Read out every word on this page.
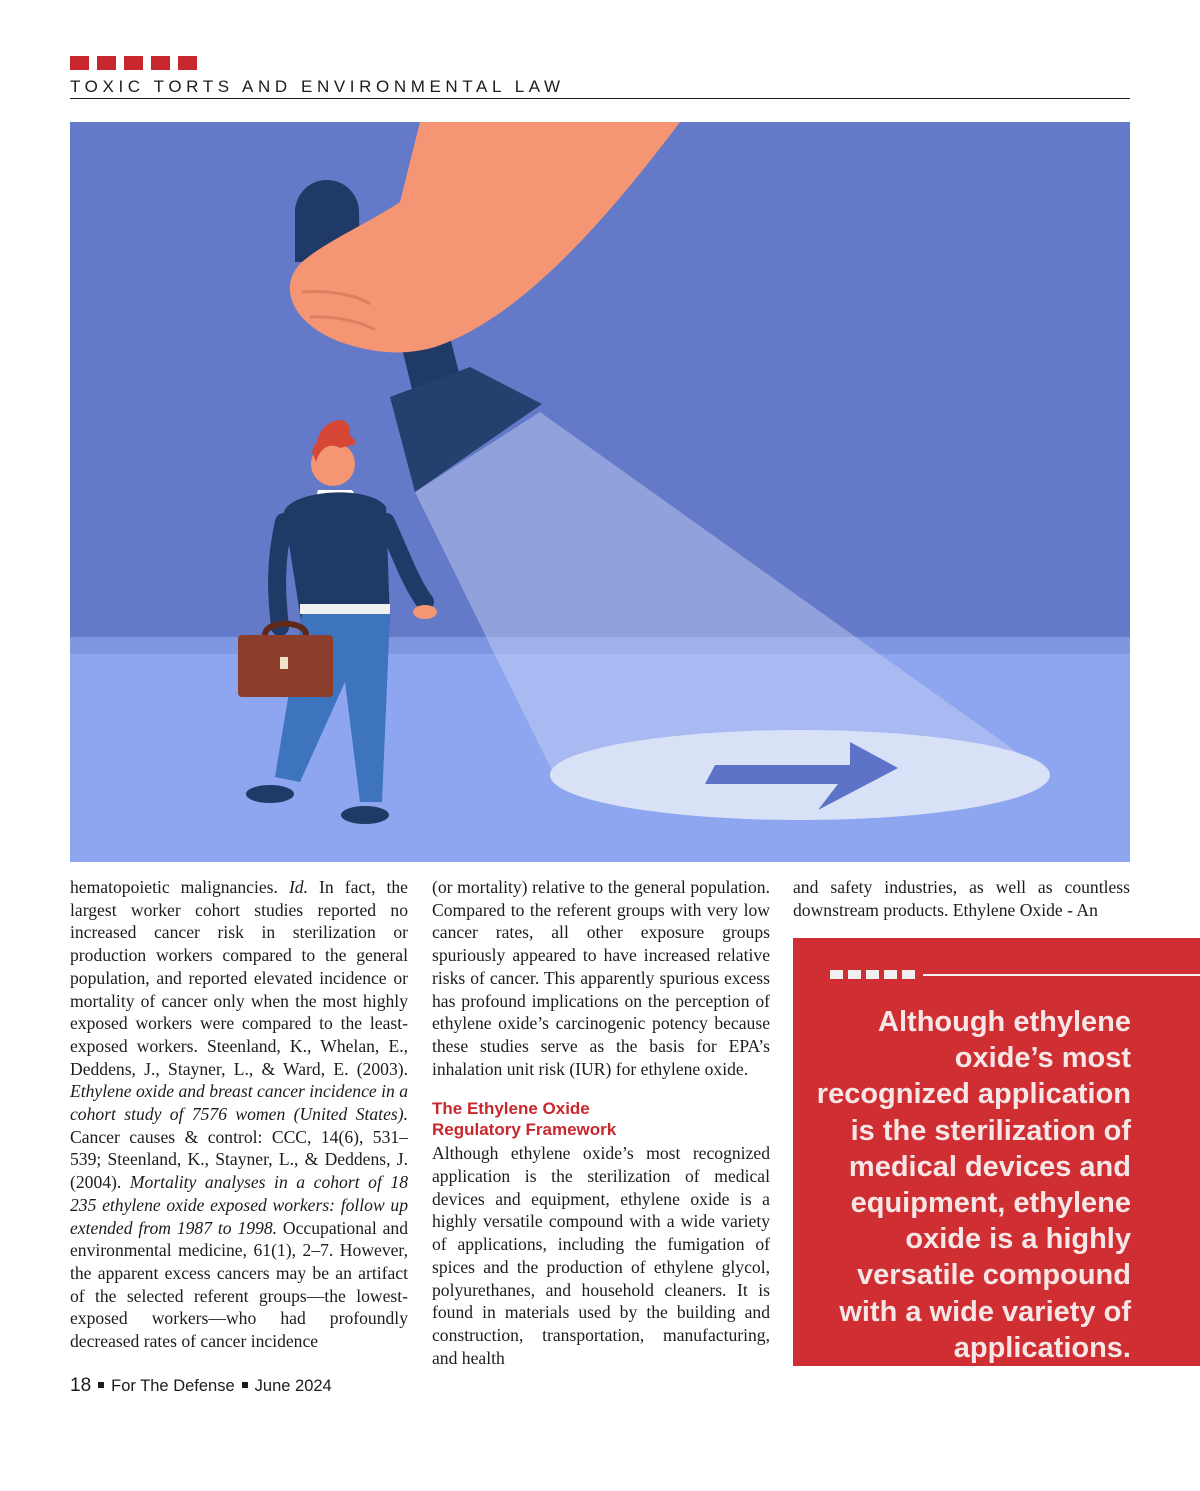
TOXIC TORTS AND ENVIRONMENTAL LAW

hematopoietic malignancies. Id. In fact, the largest worker cohort studies reported no increased cancer risk in sterilization or production workers compared to the general population, and reported elevated incidence or mortality of cancer only when the most highly exposed workers were compared to the least-exposed workers. Steenland, K., Whelan, E., Deddens, J., Stayner, L., & Ward, E. (2003). Ethylene oxide and breast cancer incidence in a cohort study of 7576 women (United States). Cancer causes & control: CCC, 14(6), 531–539; Steenland, K., Stayner, L., & Deddens, J. (2004). Mortality analyses in a cohort of 18 235 ethylene oxide exposed workers: follow up extended from 1987 to 1998. Occupational and environmental medicine, 61(1), 2–7. However, the apparent excess cancers may be an artifact of the selected referent groups—the lowest-exposed workers—who had profoundly decreased rates of cancer incidence

(or mortality) relative to the general population. Compared to the referent groups with very low cancer rates, all other exposure groups spuriously appeared to have increased relative risks of cancer. This apparently spurious excess has profound implications on the perception of ethylene oxide’s carcinogenic potency because these studies serve as the basis for EPA’s inhalation unit risk (IUR) for ethylene oxide.

The Ethylene Oxide
Regulatory Framework

Although ethylene oxide’s most recognized application is the sterilization of medical devices and equipment, ethylene oxide is a highly versatile compound with a wide variety of applications, including the fumigation of spices and the production of ethylene glycol, polyurethanes, and household cleaners. It is found in materials used by the building and construction, transportation, manufacturing, and health

and safety industries, as well as countless downstream products. Ethylene Oxide - An

Although ethylene oxide’s most recognized application is the sterilization of medical devices and equipment, ethylene oxide is a highly versatile compound with a wide variety of applications.
18 For The Defense June 2024
